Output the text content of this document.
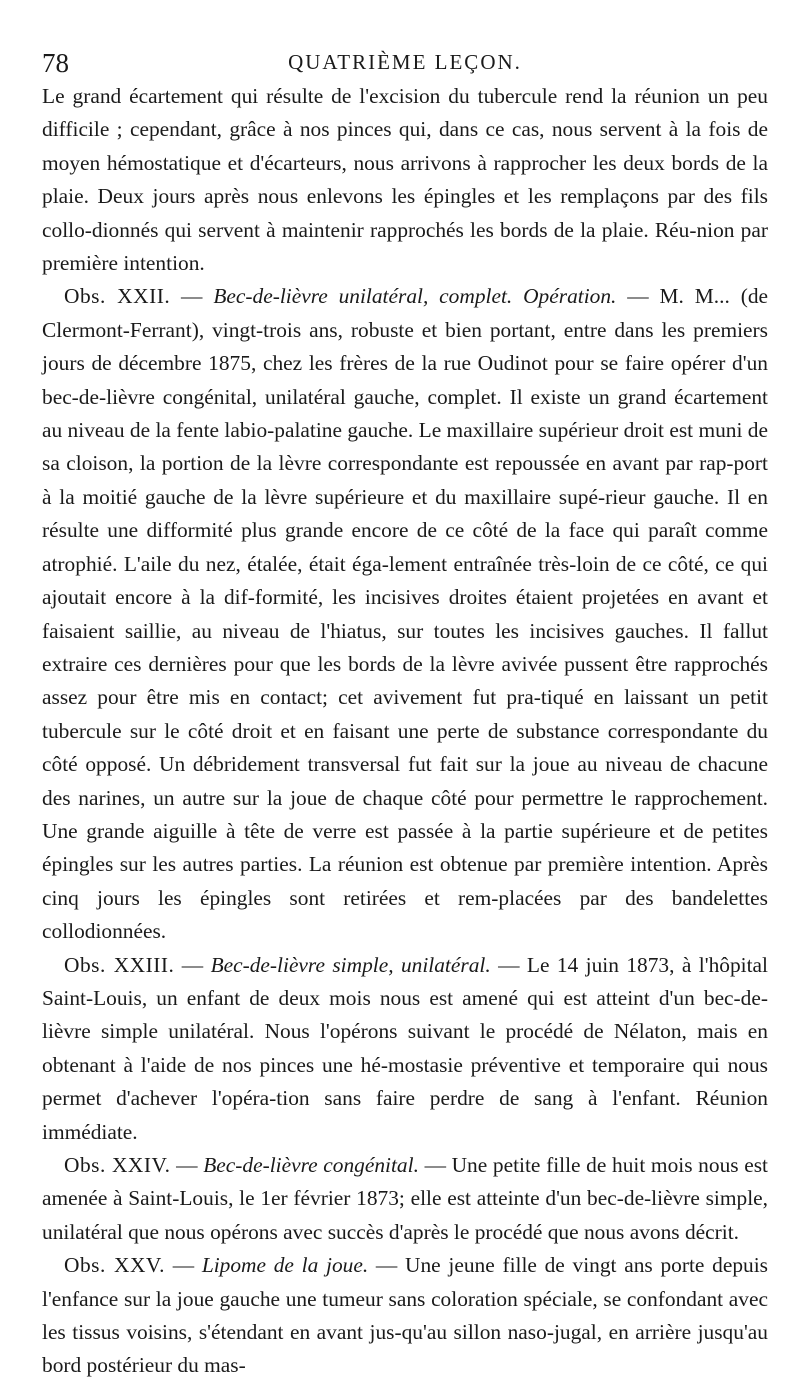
78	QUATRIÈME LEÇON.

Le grand écartement qui résulte de l'excision du tubercule rend la réunion un peu difficile ; cependant, grâce à nos pinces qui, dans ce cas, nous servent à la fois de moyen hémostatique et d'écarteurs, nous arrivons à rapprocher les deux bords de la plaie. Deux jours après nous enlevons les épingles et les remplaçons par des fils collo-dionnés qui servent à maintenir rapprochés les bords de la plaie. Réu-nion par première intention.

Obs. XXII. — Bec-de-lièvre unilatéral, complet. Opération. — M. M... (de Clermont-Ferrant), vingt-trois ans, robuste et bien portant, entre dans les premiers jours de décembre 1875, chez les frères de la rue Oudinot pour se faire opérer d'un bec-de-lièvre congénital, unilatéral gauche, complet. Il existe un grand écartement au niveau de la fente labio-palatine gauche. Le maxillaire supérieur droit est muni de sa cloison, la portion de la lèvre correspondante est repoussée en avant par rap-port à la moitié gauche de la lèvre supérieure et du maxillaire supé-rieur gauche. Il en résulte une difformité plus grande encore de ce côté de la face qui paraît comme atrophié. L'aile du nez, étalée, était éga-lement entraînée très-loin de ce côté, ce qui ajoutait encore à la dif-formité, les incisives droites étaient projetées en avant et faisaient saillie, au niveau de l'hiatus, sur toutes les incisives gauches. Il fallut extraire ces dernières pour que les bords de la lèvre avivée pussent être rapprochés assez pour être mis en contact; cet avivement fut pra-tiqué en laissant un petit tubercule sur le côté droit et en faisant une perte de substance correspondante du côté opposé. Un débridement transversal fut fait sur la joue au niveau de chacune des narines, un autre sur la joue de chaque côté pour permettre le rapprochement. Une grande aiguille à tête de verre est passée à la partie supérieure et de petites épingles sur les autres parties. La réunion est obtenue par première intention. Après cinq jours les épingles sont retirées et rem-placées par des bandelettes collodionnées.

Obs. XXIII. — Bec-de-lièvre simple, unilatéral. — Le 14 juin 1873, à l'hôpital Saint-Louis, un enfant de deux mois nous est amené qui est atteint d'un bec-de-lièvre simple unilatéral. Nous l'opérons suivant le procédé de Nélaton, mais en obtenant à l'aide de nos pinces une hé-mostasie préventive et temporaire qui nous permet d'achever l'opéra-tion sans faire perdre de sang à l'enfant. Réunion immédiate.

Obs. XXIV. — Bec-de-lièvre congénital. — Une petite fille de huit mois nous est amenée à Saint-Louis, le 1er février 1873; elle est atteinte d'un bec-de-lièvre simple, unilatéral que nous opérons avec succès d'après le procédé que nous avons décrit.

Obs. XXV. — Lipome de la joue. — Une jeune fille de vingt ans porte depuis l'enfance sur la joue gauche une tumeur sans coloration spéciale, se confondant avec les tissus voisins, s'étendant en avant jus-qu'au sillon naso-jugal, en arrière jusqu'au bord postérieur du mas-
